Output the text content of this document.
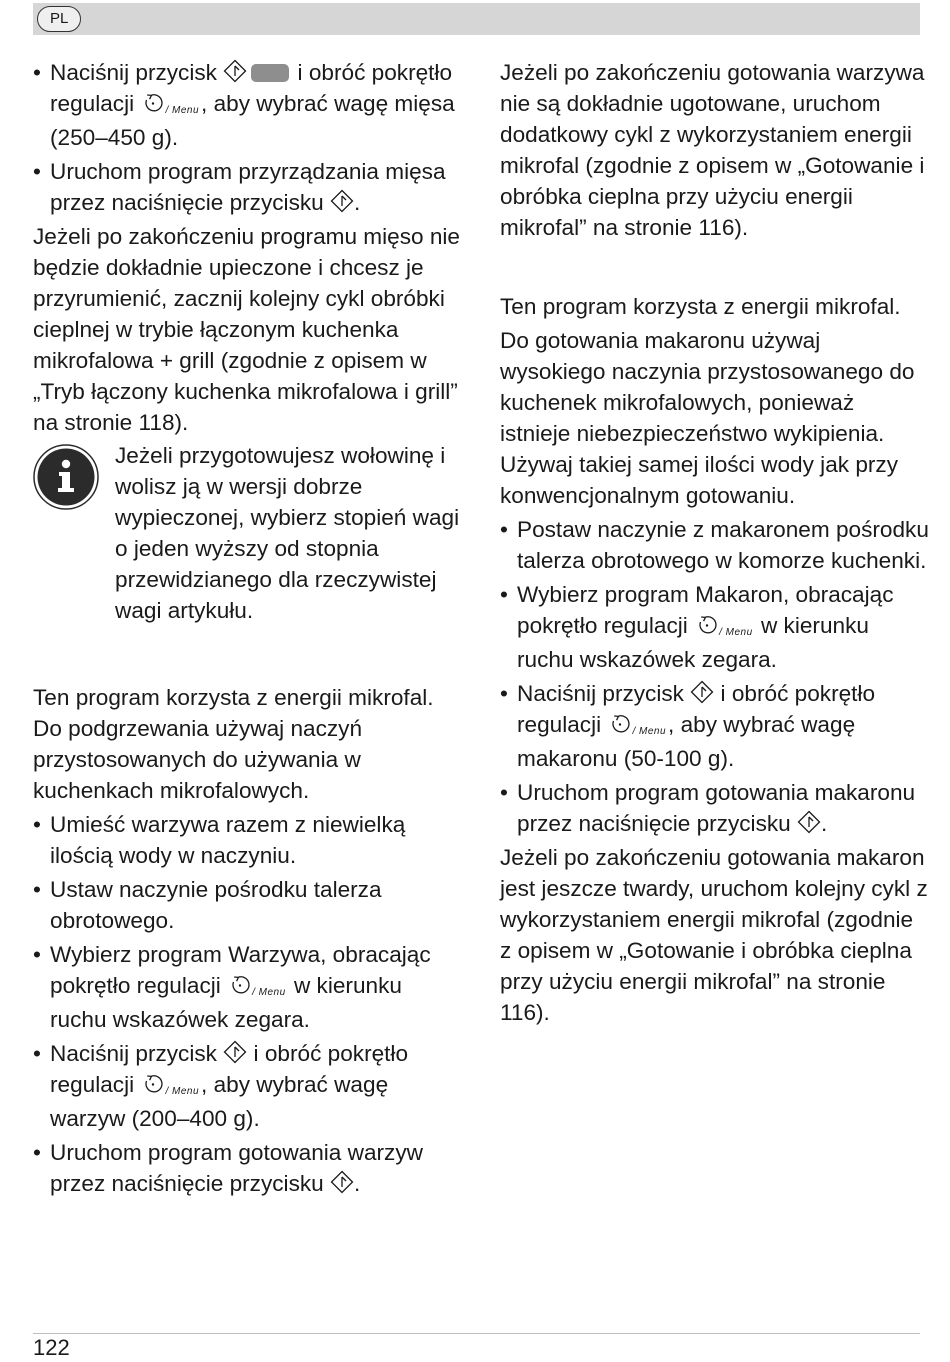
PL
• Naciśnij przycisk	i obróć pokrętło regulacji	/ Menu , aby wybrać wagę mięsa (250–450 g).
• Uruchom program przyrządzania mięsa przez naciśnięcie przycisku .

Jeżeli po zakończeniu programu mięso nie będzie dokładnie upieczone i chcesz je przyrumienić, zacznij kolejny cykl obróbki cieplnej w trybie łączonym kuchenka mikrofalowa + grill (zgodnie z opisem w „Tryb łączony kuchenka mikrofalowa i grill” na stronie 118).

Jeżeli przygotowujesz wołowinę i wolisz ją w wersji dobrze wypieczonej, wybierz stopień wagi o jeden wyższy od stopnia przewidzianego dla rzeczywistej wagi artykułu.

Ten program korzysta z energii mikrofal.

Do podgrzewania używaj naczyń przystosowanych do używania w kuchenkach mikrofalowych.

• Umieść warzywa razem z niewielką ilością wody w naczyniu.
• Ustaw naczynie pośrodku talerza obrotowego.
• Wybierz program Warzywa, obracając pokrętło regulacji	/ Menu w kierunku ruchu wskazówek zegara.
• Naciśnij przycisk i obróć pokrętło regulacji	/ Menu , aby wybrać wagę warzyw (200–400 g).
• Uruchom program gotowania warzyw przez naciśnięcie przycisku .

Jeżeli po zakończeniu gotowania warzywa nie są dokładnie ugotowane, uruchom dodatkowy cykl z wykorzystaniem energii mikrofal (zgodnie z opisem w „Gotowanie i obróbka cieplna przy użyciu energii mikrofal” na stronie 116).

Ten program korzysta z energii mikrofal.

Do gotowania makaronu używaj wysokiego naczynia przystosowanego do kuchenek mikrofalowych, ponieważ istnieje niebezpieczeństwo wykipienia. Używaj takiej samej ilości wody jak przy konwencjonalnym gotowaniu.

• Postaw naczynie z makaronem pośrodku talerza obrotowego w komorze kuchenki.
• Wybierz program Makaron, obracając pokrętło regulacji	/ Menu w kierunku ruchu wskazówek zegara.
• Naciśnij przycisk i obróć pokrętło regulacji	/ Menu , aby wybrać wagę makaronu (50-100 g).
• Uruchom program gotowania makaronu przez naciśnięcie przycisku .

Jeżeli po zakończeniu gotowania makaron jest jeszcze twardy, uruchom kolejny cykl z wykorzystaniem energii mikrofal (zgodnie z opisem w „Gotowanie i obróbka cieplna przy użyciu energii mikrofal” na stronie 116).

122
